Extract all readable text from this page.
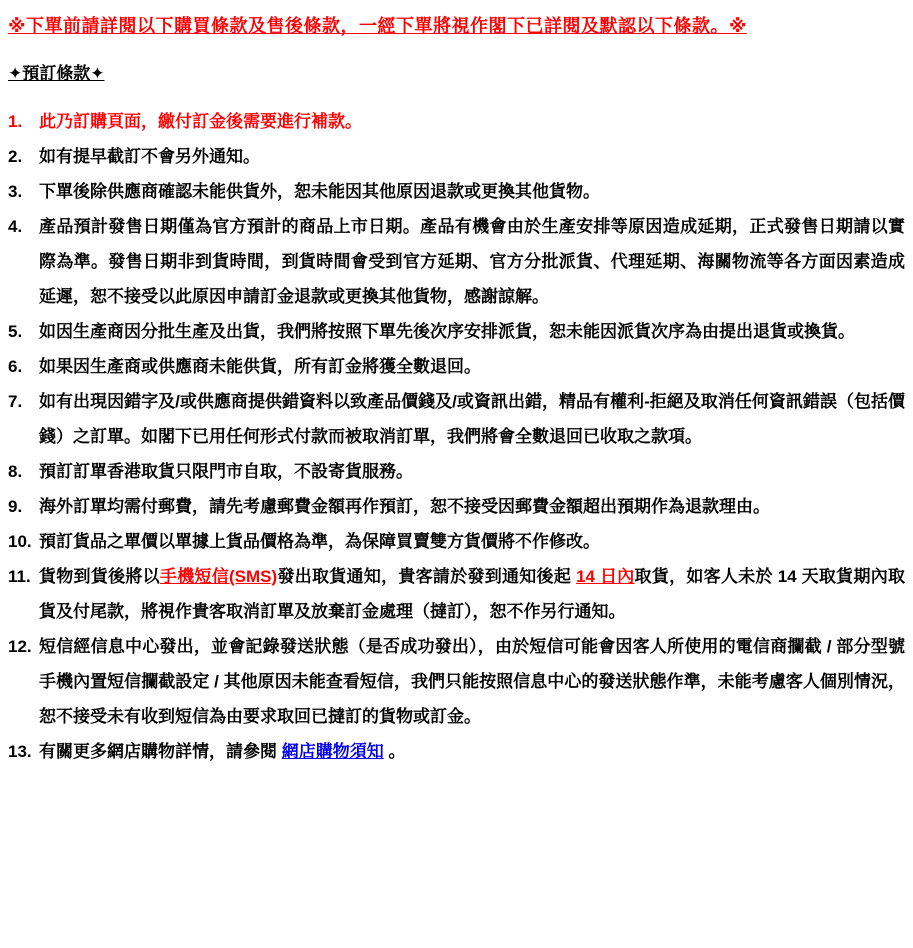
※下單前請詳閱以下購買條款及售後條款，一經下單將視作閣下已詳閱及默認以下條款。※
✦預訂條款✦
1. 此乃訂購頁面，繳付訂金後需要進行補款。
2. 如有提早截訂不會另外通知。
3. 下單後除供應商確認未能供貨外，恕未能因其他原因退款或更換其他貨物。
4. 產品預計發售日期僅為官方預計的商品上市日期。產品有機會由於生產安排等原因造成延期，正式發售日期請以實際為準。發售日期非到貨時間，到貨時間會受到官方延期、官方分批派貨、代理延期、海關物流等各方面因素造成延遲，恕不接受以此原因申請訂金退款或更換其他貨物，感謝諒解。
5. 如因生產商因分批生產及出貨，我們將按照下單先後次序安排派貨，恕未能因派貨次序為由提出退貨或換貨。
6. 如果因生產商或供應商未能供貨，所有訂金將獲全數退回。
7. 如有出現因錯字及/或供應商提供錯資料以致產品價錢及/或資訊出錯，精品有權利-拒絕及取消任何資訊錯誤（包括價錢）之訂單。如閣下已用任何形式付款而被取消訂單，我們將會全數退回已收取之款項。
8. 預訂訂單香港取貨只限門市自取，不設寄貨服務。
9. 海外訂單均需付郵費，請先考慮郵費金額再作預訂，恕不接受因郵費金額超出預期作為退款理由。
10. 預訂貨品之單價以單據上貨品價格為準，為保障買賣雙方貨價將不作修改。
11. 貨物到貨後將以手機短信(SMS)發出取貨通知，貴客請於發到通知後起 14 日內取貨，如客人未於 14 天取貨期內取貨及付尾款，將視作貴客取消訂單及放棄訂金處理（撻訂），恕不作另行通知。
12. 短信經信息中心發出，並會記錄發送狀態（是否成功發出），由於短信可能會因客人所使用的電信商攔截 / 部分型號手機內置短信攔截設定 / 其他原因未能查看短信，我們只能按照信息中心的發送狀態作準，未能考慮客人個別情況，恕不接受未有收到短信為由要求取回已撻訂的貨物或訂金。
13. 有關更多網店購物詳情，請參閱 網店購物須知 。
